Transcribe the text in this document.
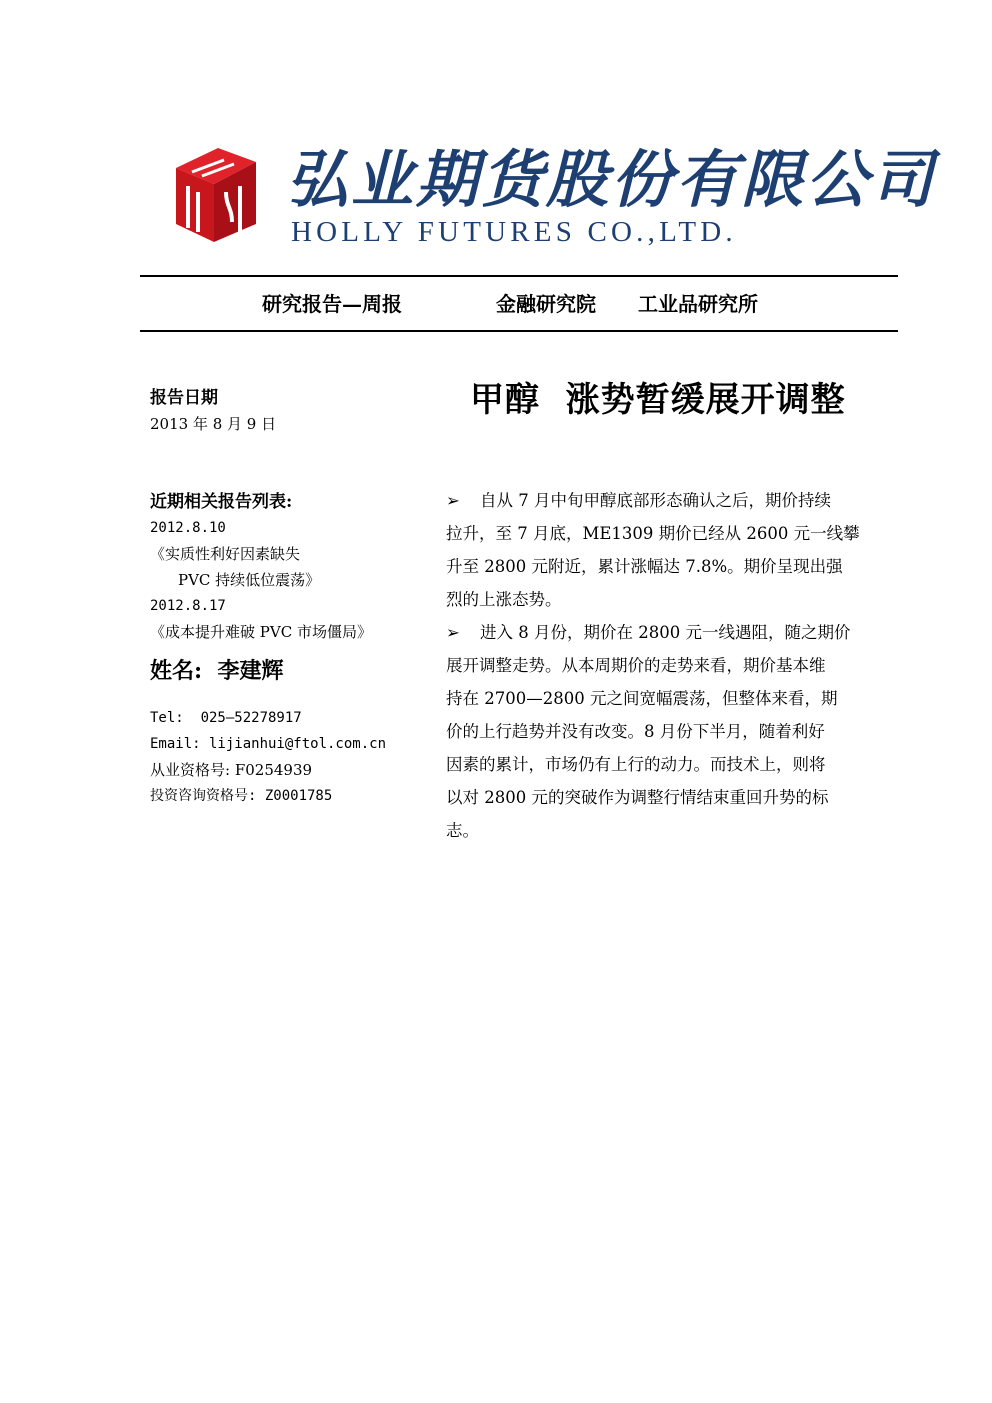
弘业期货股份有限公司
HOLLY FUTURES CO.,LTD.
研究报告—周报	金融研究院 工业品研究所
甲醇  涨势暂缓展开调整
报告日期
2013 年 8 月 9 日
近期相关报告列表:
2012.8.10
《实质性利好因素缺失
PVC 持续低位震荡》
2012.8.17
《成本提升难破 PVC 市场僵局》
姓名:  李建辉
Tel:  025—52278917
Email: lijianhui@ftol.com.cn
从业资格号: F0254939
投资咨询资格号: Z0001785
➢ 自从 7 月中旬甲醇底部形态确认之后，期价持续
拉升，至 7 月底，ME1309 期价已经从 2600 元一线攀
升至 2800 元附近，累计涨幅达 7.8%。期价呈现出强
烈的上涨态势。
➢ 进入 8 月份，期价在 2800 元一线遇阻，随之期价
展开调整走势。从本周期价的走势来看，期价基本维
持在 2700—2800 元之间宽幅震荡，但整体来看，期
价的上行趋势并没有改变。8 月份下半月，随着利好
因素的累计，市场仍有上行的动力。而技术上，则将
以对 2800 元的突破作为调整行情结束重回升势的标
志。
